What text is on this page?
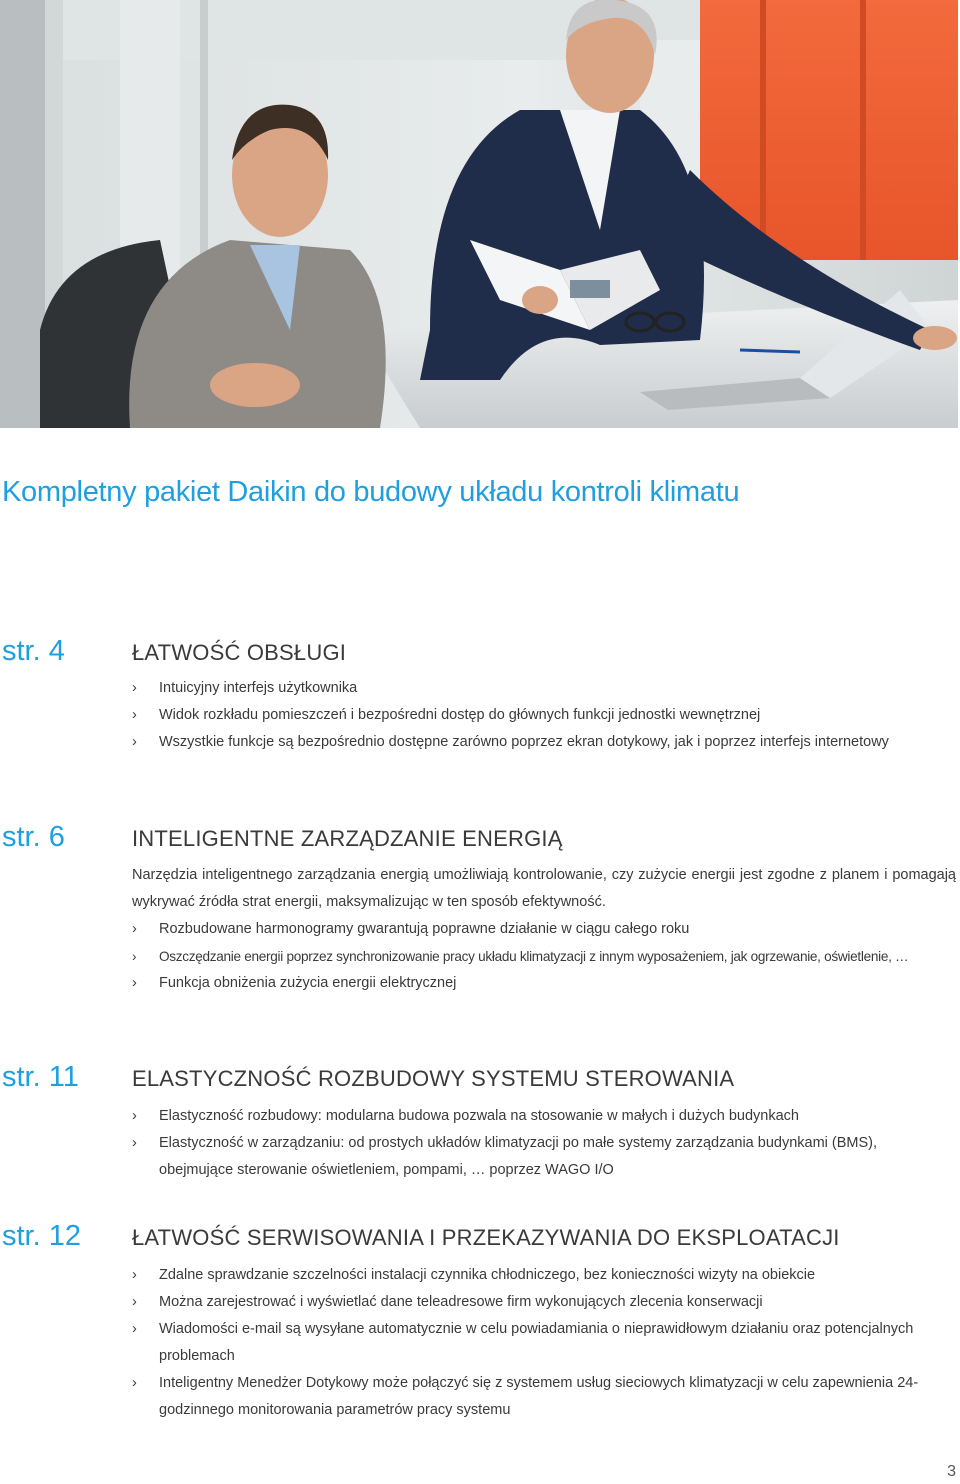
Kompletny pakiet Daikin do budowy układu kontroli klimatu
str. 4	ŁATWOŚĆ OBSŁUGI
› Intuicyjny interfejs użytkownika
› Widok rozkładu pomieszczeń i bezpośredni dostęp do głównych funkcji jednostki wewnętrznej
› Wszystkie funkcje są bezpośrednio dostępne zarówno poprzez ekran dotykowy, jak i poprzez interfejs internetowy
str. 6	INTELIGENTNE ZARZĄDZANIE ENERGIĄ

Narzędzia inteligentnego zarządzania energią umożliwiają kontrolowanie, czy zużycie energii jest zgodne z planem i pomagają wykrywać źródła strat energii, maksymalizując w ten sposób efektywność.

› Rozbudowane harmonogramy gwarantują poprawne działanie w ciągu całego roku
› Oszczędzanie energii poprzez synchronizowanie pracy układu klimatyzacji z innym wyposażeniem, jak ogrzewanie, oświetlenie, …
› Funkcja obniżenia zużycia energii elektrycznej
str. 11 ELASTYCZNOŚĆ ROZBUDOWY SYSTEMU STEROWANIA
› Elastyczność rozbudowy: modularna budowa pozwala na stosowanie w małych i dużych budynkach
› Elastyczność w zarządzaniu: od prostych układów klimatyzacji po małe systemy zarządzania budynkami (BMS), obejmujące sterowanie oświetleniem, pompami, … poprzez WAGO I/O
str. 12 ŁATWOŚĆ SERWISOWANIA I PRZEKAZYWANIA DO EKSPLOATACJI
› Zdalne sprawdzanie szczelności instalacji czynnika chłodniczego, bez konieczności wizyty na obiekcie
› Można zarejestrować i wyświetlać dane teleadresowe firm wykonujących zlecenia konserwacji
› Wiadomości e-mail są wysyłane automatycznie w celu powiadamiania o nieprawidłowym działaniu oraz potencjalnych problemach
› Inteligentny Menedżer Dotykowy może połączyć się z systemem usług sieciowych klimatyzacji w celu zapewnienia 24-godzinnego monitorowania parametrów pracy systemu
3
